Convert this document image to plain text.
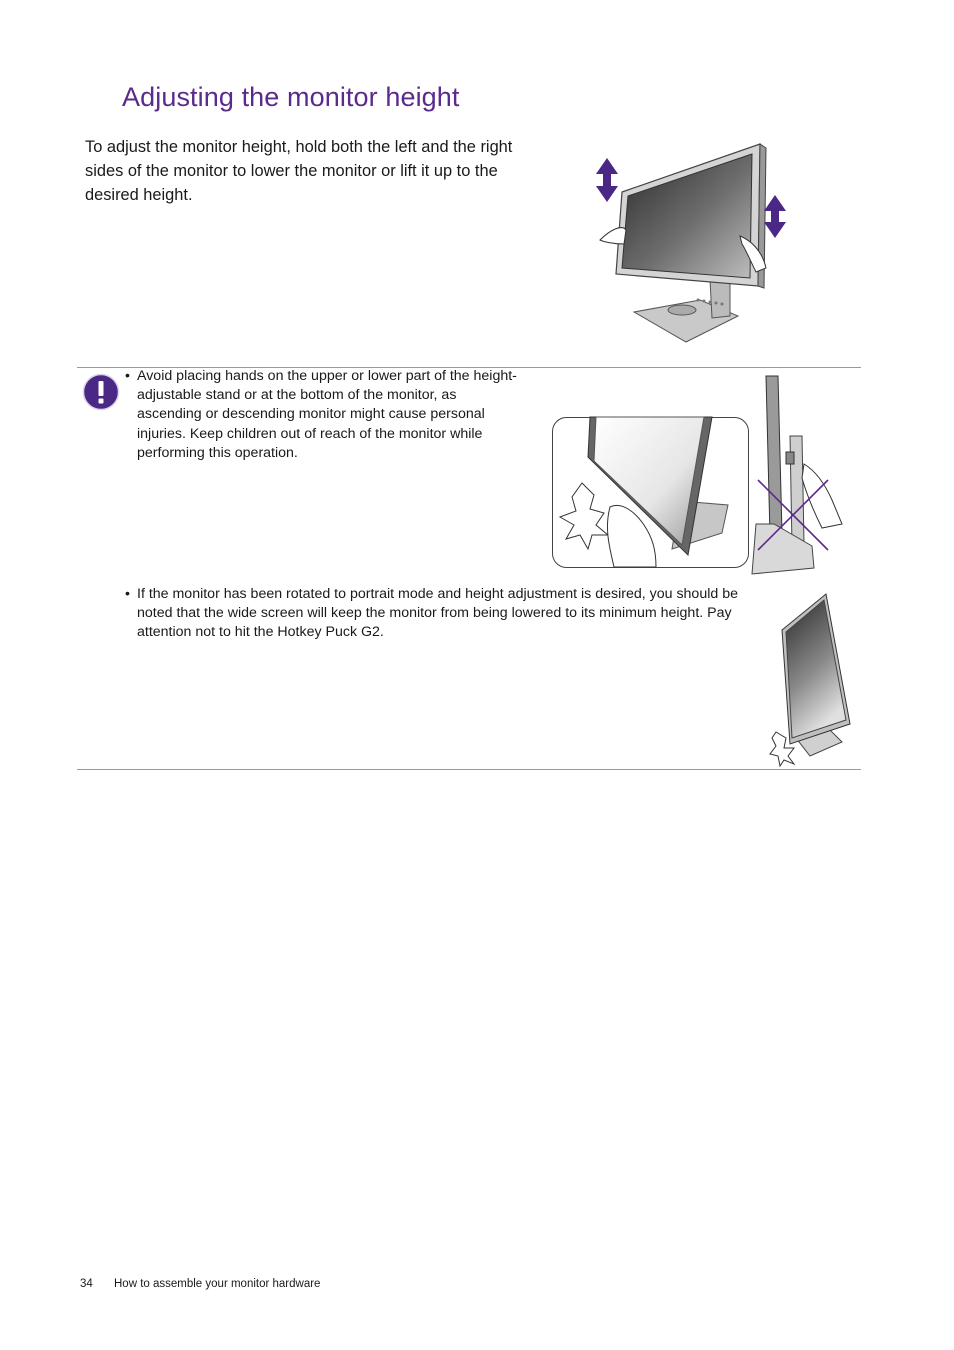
Adjusting the monitor height

To adjust the monitor height, hold both the left and the right sides of the monitor to lower the monitor or lift it up to the desired height.

• Avoid placing hands on the upper or lower part of the height-adjustable stand or at the bottom of the monitor, as ascending or descending monitor might cause personal injuries. Keep children out of reach of the monitor while performing this operation.
• If the monitor has been rotated to portrait mode and height adjustment is desired, you should be noted that the wide screen will keep the monitor from being lowered to its minimum height. Pay attention not to hit the Hotkey Puck G2.
34 How to assemble your monitor hardware
